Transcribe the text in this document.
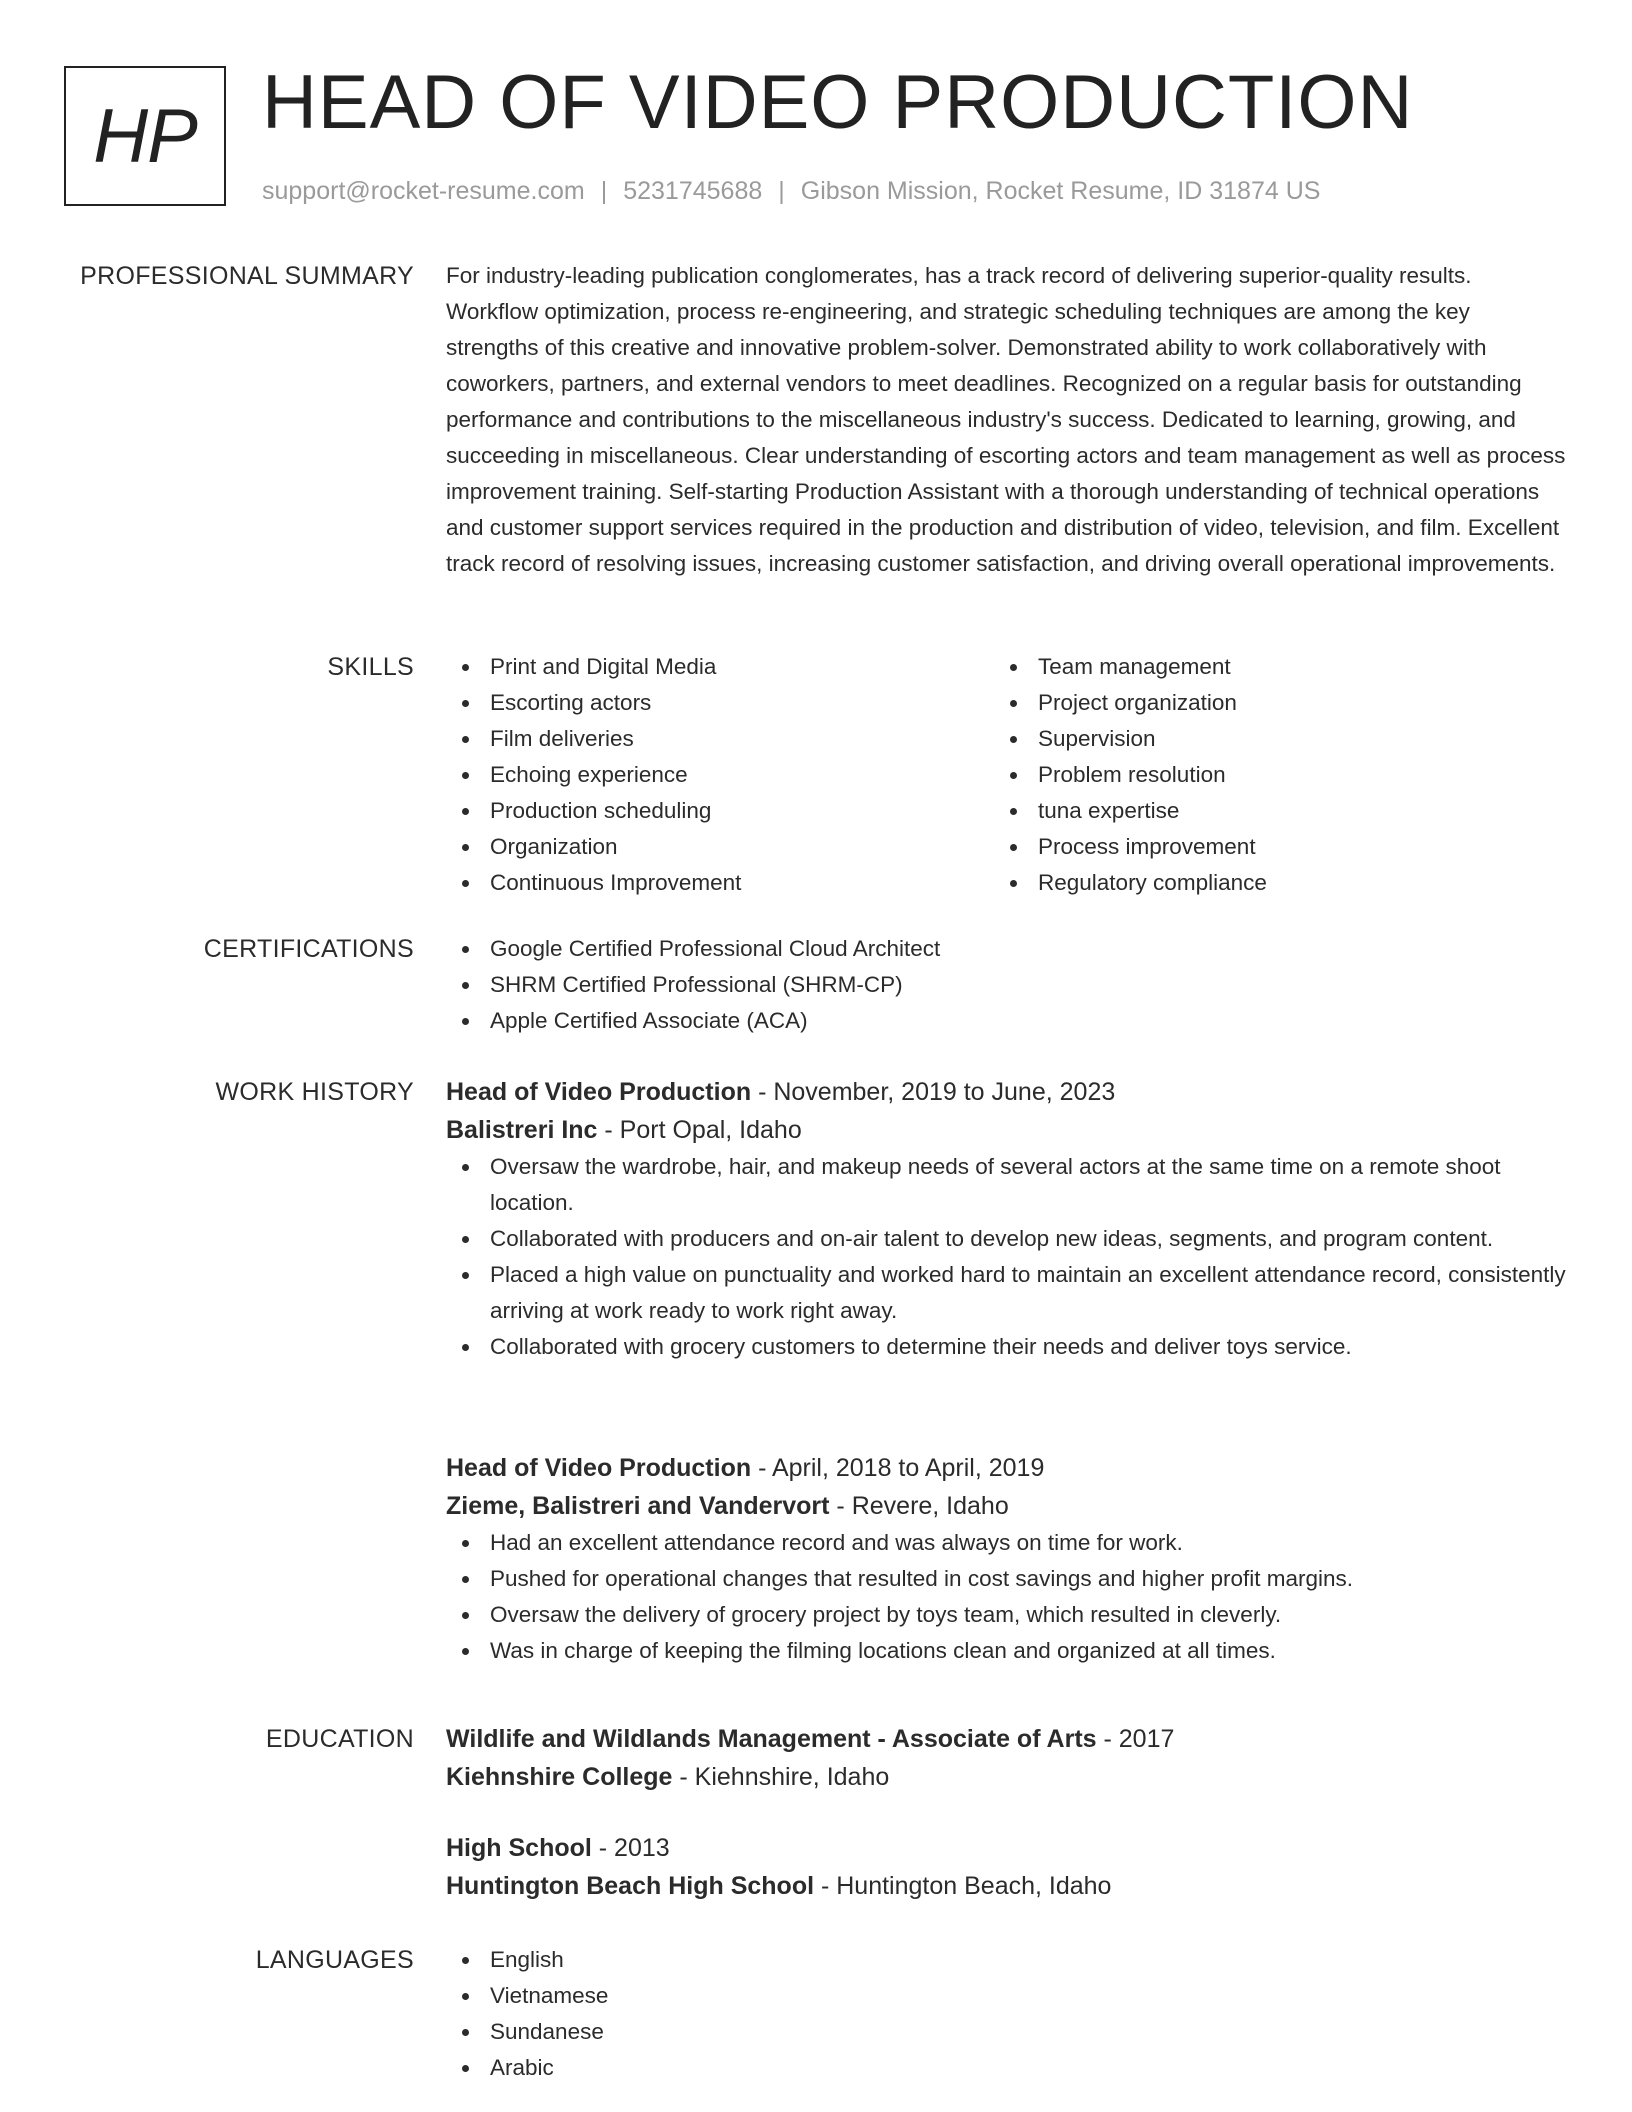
HP HEAD OF VIDEO PRODUCTION
support@rocket-resume.com | 5231745688 | Gibson Mission, Rocket Resume, ID 31874 US
PROFESSIONAL SUMMARY For industry-leading publication conglomerates, has a track record of delivering superior-quality results. Workflow optimization, process re-engineering, and strategic scheduling techniques are among the key strengths of this creative and innovative problem-solver. Demonstrated ability to work collaboratively with coworkers, partners, and external vendors to meet deadlines. Recognized on a regular basis for outstanding performance and contributions to the miscellaneous industry's success. Dedicated to learning, growing, and succeeding in miscellaneous. Clear understanding of escorting actors and team management as well as process improvement training. Self-starting Production Assistant with a thorough understanding of technical operations and customer support services required in the production and distribution of video, television, and film. Excellent track record of resolving issues, increasing customer satisfaction, and driving overall operational improvements.

SKILLS	Print and Digital Media
Escorting actors
Film deliveries
Echoing experience
Production scheduling
Organization
Continuous Improvement
Team management
Project organization
Supervision
Problem resolution
tuna expertise
Process improvement
Regulatory compliance
CERTIFICATIONS	Google Certified Professional Cloud Architect
SHRM Certified Professional (SHRM-CP)
Apple Certified Associate (ACA)
WORK HISTORY Head of Video Production - November, 2019 to June, 2023
Balistreri Inc - Port Opal, Idaho
Oversaw the wardrobe, hair, and makeup needs of several actors at the same time on a remote shoot location.
Collaborated with producers and on-air talent to develop new ideas, segments, and program content.
Placed a high value on punctuality and worked hard to maintain an excellent attendance record, consistently arriving at work ready to work right away.
Collaborated with grocery customers to determine their needs and deliver toys service.
Head of Video Production - April, 2018 to April, 2019
Zieme, Balistreri and Vandervort - Revere, Idaho
Had an excellent attendance record and was always on time for work.
Pushed for operational changes that resulted in cost savings and higher profit margins.
Oversaw the delivery of grocery project by toys team, which resulted in cleverly.
Was in charge of keeping the filming locations clean and organized at all times.
EDUCATION Wildlife and Wildlands Management - Associate of Arts - 2017
Kiehnshire College - Kiehnshire, Idaho
High School - 2013
Huntington Beach High School - Huntington Beach, Idaho
LANGUAGES	English
Vietnamese
Sundanese
Arabic
